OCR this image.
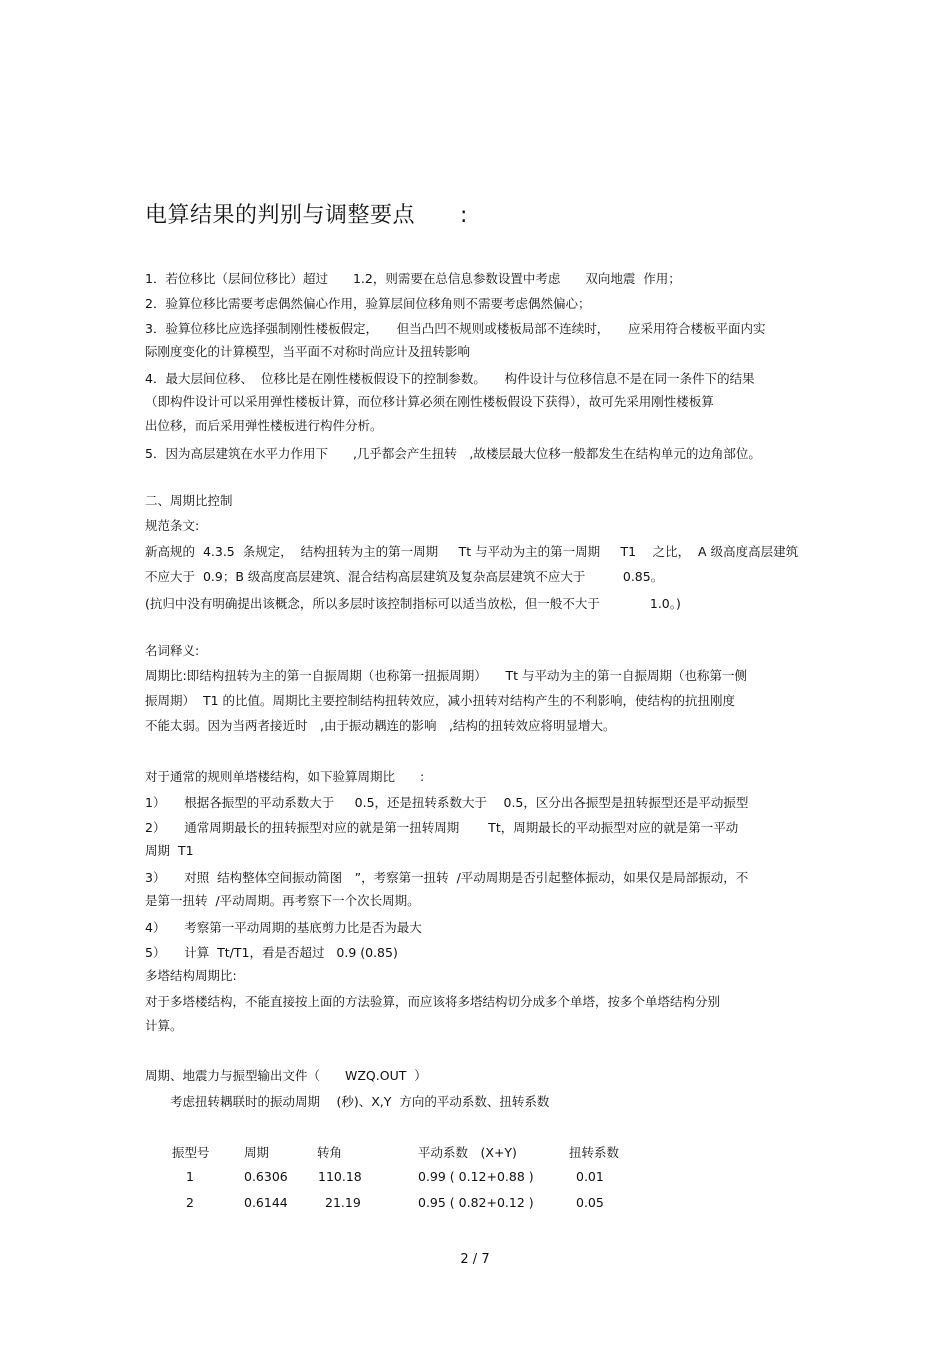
电算结果的判别与调整要点　　:
1．若位移比（层间位移比）超过　　1.2，则需要在总信息参数设置中考虑　　双向地震  作用；
2．验算位移比需要考虑偶然偏心作用，验算层间位移角则不需要考虑偶然偏心；
3．验算位移比应选择强制刚性楼板假定，　　但当凸凹不规则或楼板局部不连续时，　　应采用符合楼板平面内实
际刚度变化的计算模型，当平面不对称时尚应计及扭转影响
4．最大层间位移、  位移比是在刚性楼板假设下的控制参数。　　构件设计与位移信息不是在同一条件下的结果
（即构件设计可以采用弹性楼板计算，而位移计算必须在刚性楼板假设下获得），故可先采用刚性楼板算
出位移，而后采用弹性楼板进行构件分析。
5．因为高层建筑在水平力作用下　　,几乎都会产生扭转　,故楼层最大位移一般都发生在结构单元的边角部位。
二、周期比控制
规范条文:
新高规的  4.3.5  条规定，  结构扭转为主的第一周期　  Tt 与平动为主的第一周期　  T1 　之比，  A 级高度高层建筑
不应大于  0.9；B 级高度高层建筑、混合结构高层建筑及复杂高层建筑不应大于　　　0.85。
(抗归中没有明确提出该概念，所以多层时该控制指标可以适当放松，但一般不大于　　　　1.0。)
名词释义:
周期比:即结构扭转为主的第一自振周期（也称第一扭振周期）　　Tt 与平动为主的第一自振周期（也称第一侧
振周期）  T1 的比值。周期比主要控制结构扭转效应，减小扭转对结构产生的不利影响，使结构的抗扭刚度
不能太弱。因为当两者接近时　,由于振动耦连的影响　,结构的扭转效应将明显增大。
对于通常的规则单塔楼结构，如下验算周期比　　:
1）　　根据各振型的平动系数大于　  0.5，还是扭转系数大于　 0.5，区分出各振型是扭转振型还是平动振型
2）　　通常周期最长的扭转振型对应的就是第一扭转周期　　 Tt，周期最长的平动振型对应的就是第一平动
周期  T1
3）　　对照  结构整体空间振动简图　”，考察第一扭转  /平动周期是否引起整体振动，如果仅是局部振动，不
是第一扭转  /平动周期。再考察下一个次长周期。
4）　　考察第一平动周期的基底剪力比是否为最大
5）　　计算  Tt/T1，看是否超过   0.9 (0.85)
多塔结构周期比:
对于多塔楼结构，不能直接按上面的方法验算，而应该将多塔结构切分成多个单塔，按多个单塔结构分别
计算。
周期、地震力与振型输出文件（　　WZQ.OUT  ）
　　考虑扭转耦联时的振动周期　 (秒)、X,Y  方向的平动系数、扭转系数
振型号	周期	转角	平动系数　(X+Y)	扭转系数
1	0.6306 110.18	0.99 ( 0.12+0.88 )	0.01
2	0.6144	21.19	0.95 ( 0.82+0.12 )	0.05
2 / 7
